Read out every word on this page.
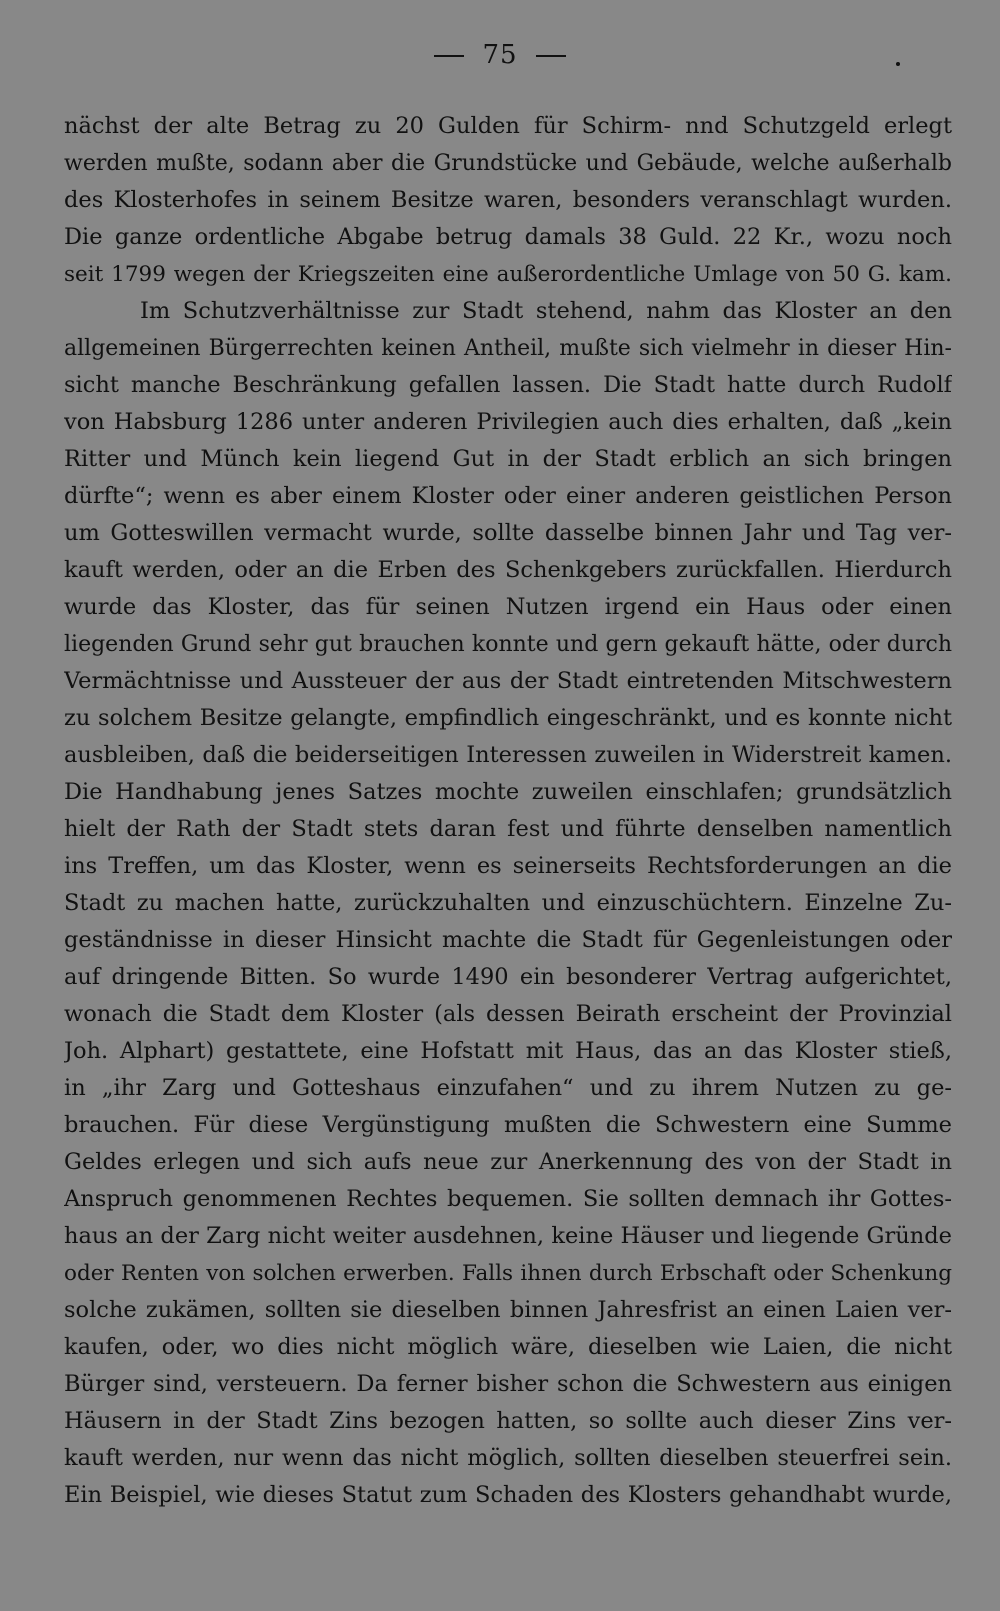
75
nächst der alte Betrag zu 20 Gulden für Schirm- nnd Schutzgeld erlegt
werden mußte, sodann aber die Grundstücke und Gebäude, welche außerhalb
des Klosterhofes in seinem Besitze waren, besonders veranschlagt wurden.
Die ganze ordentliche Abgabe betrug damals 38 Guld. 22 Kr., wozu noch
seit 1799 wegen der Kriegszeiten eine außerordentliche Umlage von 50 G. kam.
Im Schutzverhältnisse zur Stadt stehend, nahm das Kloster an den
allgemeinen Bürgerrechten keinen Antheil, mußte sich vielmehr in dieser Hin-
sicht manche Beschränkung gefallen lassen. Die Stadt hatte durch Rudolf
von Habsburg 1286 unter anderen Privilegien auch dies erhalten, daß „kein
Ritter und Münch kein liegend Gut in der Stadt erblich an sich bringen
dürfte“; wenn es aber einem Kloster oder einer anderen geistlichen Person
um Gotteswillen vermacht wurde, sollte dasselbe binnen Jahr und Tag ver-
kauft werden, oder an die Erben des Schenkgebers zurückfallen. Hierdurch
wurde das Kloster, das für seinen Nutzen irgend ein Haus oder einen
liegenden Grund sehr gut brauchen konnte und gern gekauft hätte, oder durch
Vermächtnisse und Aussteuer der aus der Stadt eintretenden Mitschwestern
zu solchem Besitze gelangte, empfindlich eingeschränkt, und es konnte nicht
ausbleiben, daß die beiderseitigen Interessen zuweilen in Widerstreit kamen.
Die Handhabung jenes Satzes mochte zuweilen einschlafen; grundsätzlich
hielt der Rath der Stadt stets daran fest und führte denselben namentlich
ins Treffen, um das Kloster, wenn es seinerseits Rechtsforderungen an die
Stadt zu machen hatte, zurückzuhalten und einzuschüchtern. Einzelne Zu-
geständnisse in dieser Hinsicht machte die Stadt für Gegenleistungen oder
auf dringende Bitten. So wurde 1490 ein besonderer Vertrag aufgerichtet,
wonach die Stadt dem Kloster (als dessen Beirath erscheint der Provinzial
Joh. Alphart) gestattete, eine Hofstatt mit Haus, das an das Kloster stieß,
in „ihr Zarg und Gotteshaus einzufahen“ und zu ihrem Nutzen zu ge-
brauchen. Für diese Vergünstigung mußten die Schwestern eine Summe
Geldes erlegen und sich aufs neue zur Anerkennung des von der Stadt in
Anspruch genommenen Rechtes bequemen. Sie sollten demnach ihr Gottes-
haus an der Zarg nicht weiter ausdehnen, keine Häuser und liegende Gründe
oder Renten von solchen erwerben. Falls ihnen durch Erbschaft oder Schenkung
solche zukämen, sollten sie dieselben binnen Jahresfrist an einen Laien ver-
kaufen, oder, wo dies nicht möglich wäre, dieselben wie Laien, die nicht
Bürger sind, versteuern. Da ferner bisher schon die Schwestern aus einigen
Häusern in der Stadt Zins bezogen hatten, so sollte auch dieser Zins ver-
kauft werden, nur wenn das nicht möglich, sollten dieselben steuerfrei sein.
Ein Beispiel, wie dieses Statut zum Schaden des Klosters gehandhabt wurde,
